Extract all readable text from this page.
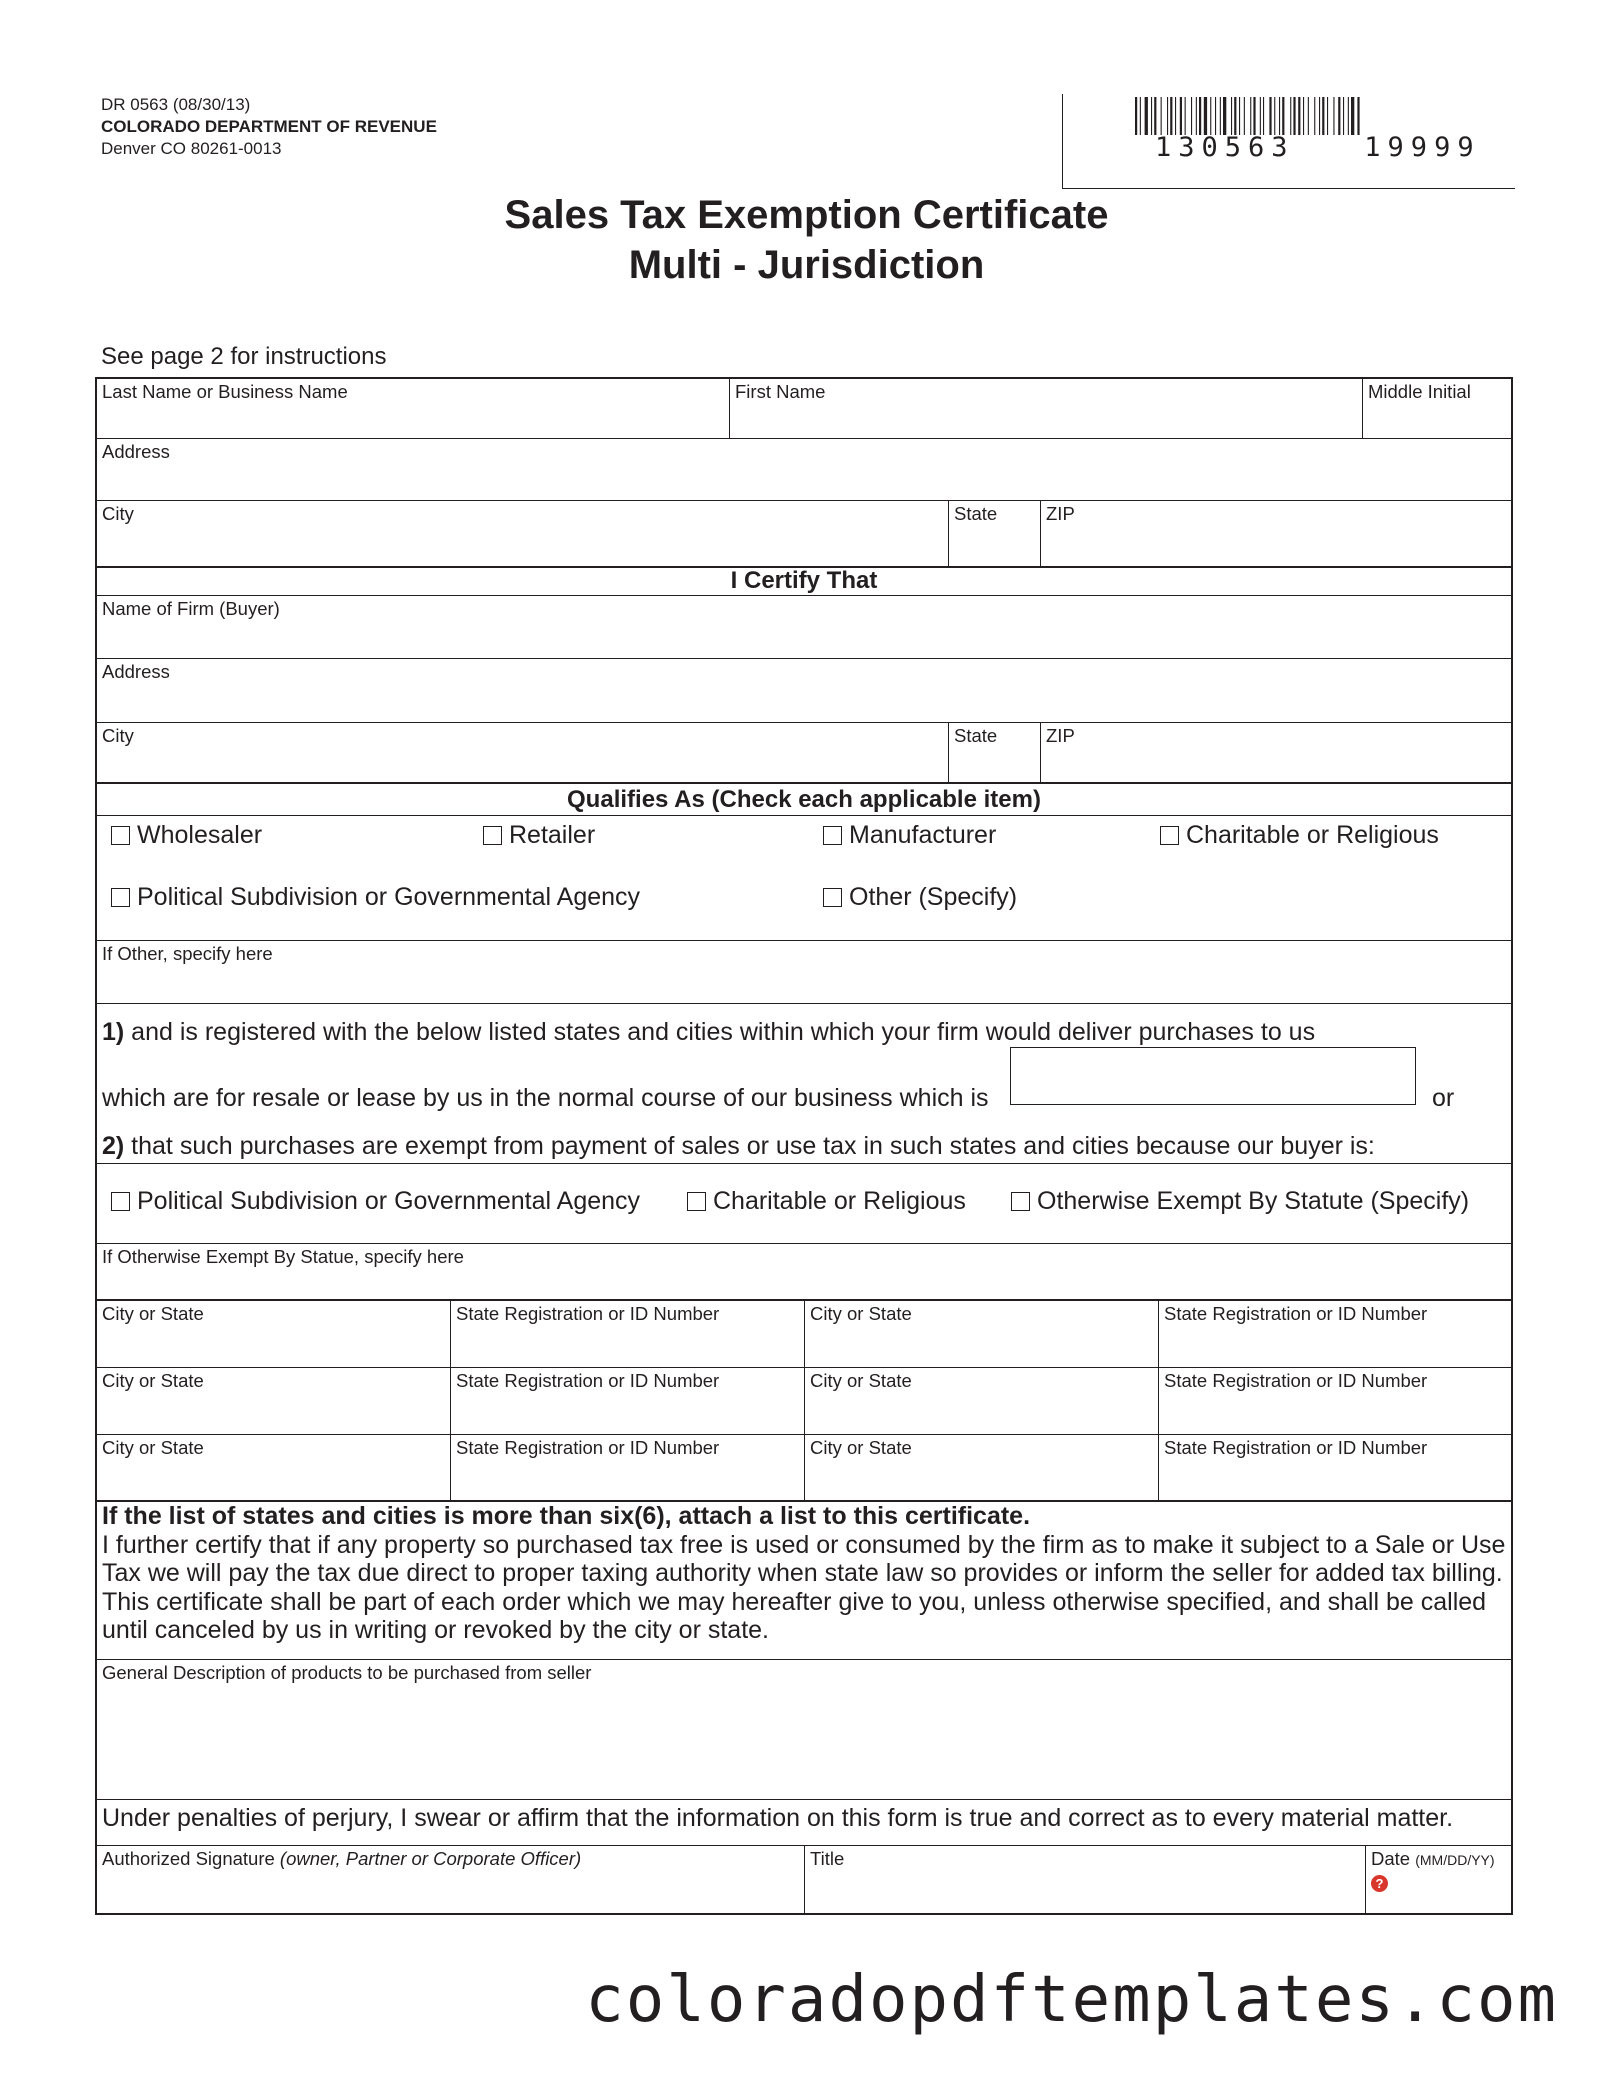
DR 0563 (08/30/13)
COLORADO DEPARTMENT OF REVENUE
Denver CO 80261-0013	130563   19999
Sales Tax Exemption Certificate
Multi - Jurisdiction
See page 2 for instructions
Last Name or Business Name	First Name	Middle Initial
Address
City	State	ZIP
I Certify That
Name of Firm (Buyer)
Address
City	State	ZIP
Qualifies As (Check each applicable item)
Wholesaler	Retailer	Manufacturer	Charitable or Religious
Political Subdivision or Governmental Agency	Other (Specify)
If Other, specify here
1) and is registered with the below listed states and cities within which your firm would deliver purchases to us
which are for resale or lease by us in the normal course of our business which is	or
2) that such purchases are exempt from payment of sales or use tax in such states and cities because our buyer is:
Political Subdivision or Governmental Agency	Charitable or Religious	Otherwise Exempt By Statute (Specify)
If Otherwise Exempt By Statue, specify here
City or State	State Registration or ID Number	City or State	State Registration or ID Number
City or State	State Registration or ID Number	City or State	State Registration or ID Number
City or State	State Registration or ID Number	City or State	State Registration or ID Number
If the list of states and cities is more than six(6), attach a list to this certificate.
I further certify that if any property so purchased tax free is used or consumed by the firm as to make it subject to a Sale or Use Tax we will pay the tax due direct to proper taxing authority when state law so provides or inform the seller for added tax billing. This certificate shall be part of each order which we may hereafter give to you, unless otherwise specified, and shall be called until canceled by us in writing or revoked by the city or state.
General Description of products to be purchased from seller
Under penalties of perjury, I swear or affirm that the information on this form is true and correct as to every material matter.
Authorized Signature (owner, Partner or Corporate Officer)	Title	Date (MM/DD/YY)
?
coloradopdftemplates.com
